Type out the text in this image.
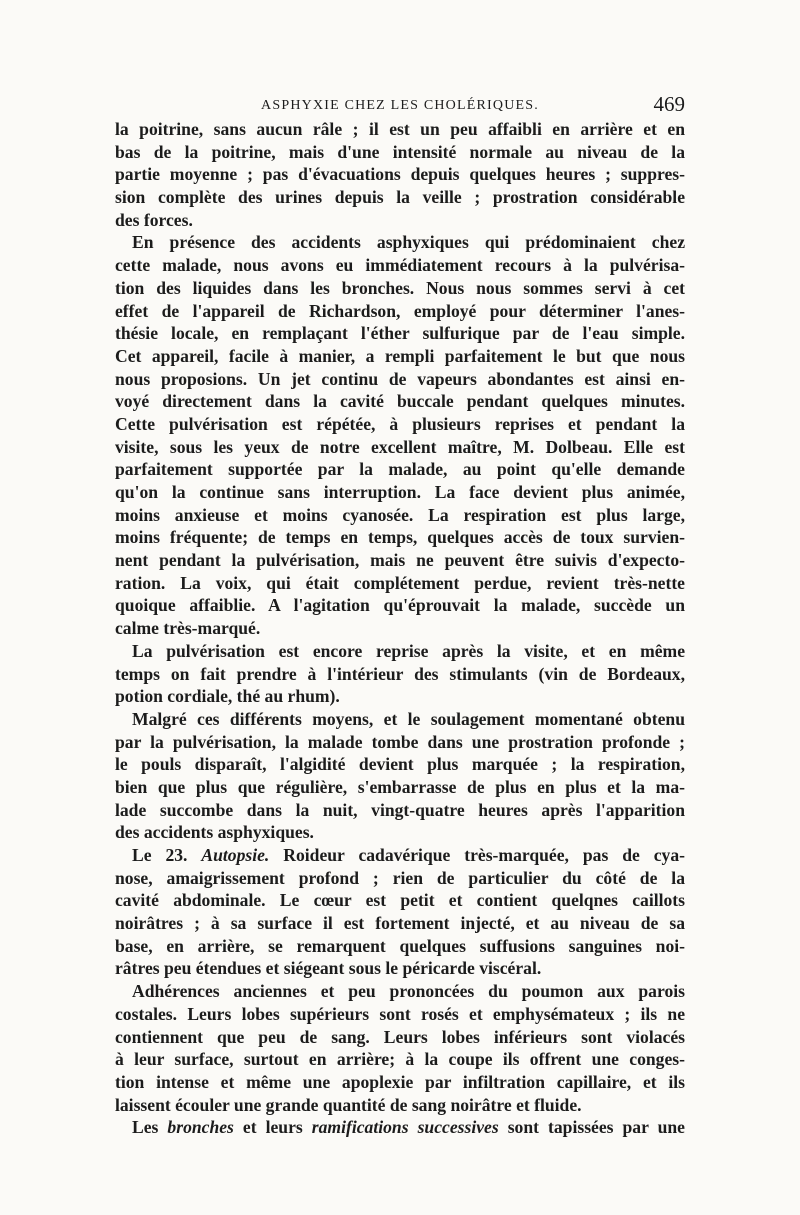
ASPHYXIE CHEZ LES CHOLÉRIQUES.	469
la poitrine, sans aucun râle ; il est un peu affaibli en arrière et en
bas de la poitrine, mais d'une intensité normale au niveau de la
partie moyenne ; pas d'évacuations depuis quelques heures ; suppres-
sion complète des urines depuis la veille ; prostration considérable
des forces.
En présence des accidents asphyxiques qui prédominaient chez
cette malade, nous avons eu immédiatement recours à la pulvérisa-
tion des liquides dans les bronches. Nous nous sommes servi à cet
effet de l'appareil de Richardson, employé pour déterminer l'anes-
thésie locale, en remplaçant l'éther sulfurique par de l'eau simple.
Cet appareil, facile à manier, a rempli parfaitement le but que nous
nous proposions. Un jet continu de vapeurs abondantes est ainsi en-
voyé directement dans la cavité buccale pendant quelques minutes.
Cette pulvérisation est répétée, à plusieurs reprises et pendant la
visite, sous les yeux de notre excellent maître, M. Dolbeau. Elle est
parfaitement supportée par la malade, au point qu'elle demande
qu'on la continue sans interruption. La face devient plus animée,
moins anxieuse et moins cyanosée. La respiration est plus large,
moins fréquente; de temps en temps, quelques accès de toux survien-
nent pendant la pulvérisation, mais ne peuvent être suivis d'expecto-
ration. La voix, qui était complétement perdue, revient très-nette
quoique affaiblie. A l'agitation qu'éprouvait la malade, succède un
calme très-marqué.
La pulvérisation est encore reprise après la visite, et en même
temps on fait prendre à l'intérieur des stimulants (vin de Bordeaux,
potion cordiale, thé au rhum).
Malgré ces différents moyens, et le soulagement momentané obtenu
par la pulvérisation, la malade tombe dans une prostration profonde ;
le pouls disparaît, l'algidité devient plus marquée ; la respiration,
bien que plus que régulière, s'embarrasse de plus en plus et la ma-
lade succombe dans la nuit, vingt-quatre heures après l'apparition
des accidents asphyxiques.
Le 23. Autopsie. Roideur cadavérique très-marquée, pas de cya-
nose, amaigrissement profond ; rien de particulier du côté de la
cavité abdominale. Le cœur est petit et contient quelqnes caillots
noirâtres ; à sa surface il est fortement injecté, et au niveau de sa
base, en arrière, se remarquent quelques suffusions sanguines noi-
râtres peu étendues et siégeant sous le péricarde viscéral.
Adhérences anciennes et peu prononcées du poumon aux parois
costales. Leurs lobes supérieurs sont rosés et emphysémateux ; ils ne
contiennent que peu de sang. Leurs lobes inférieurs sont violacés
à leur surface, surtout en arrière; à la coupe ils offrent une conges-
tion intense et même une apoplexie par infiltration capillaire, et ils
laissent écouler une grande quantité de sang noirâtre et fluide.
Les bronches et leurs ramifications successives sont tapissées par une
